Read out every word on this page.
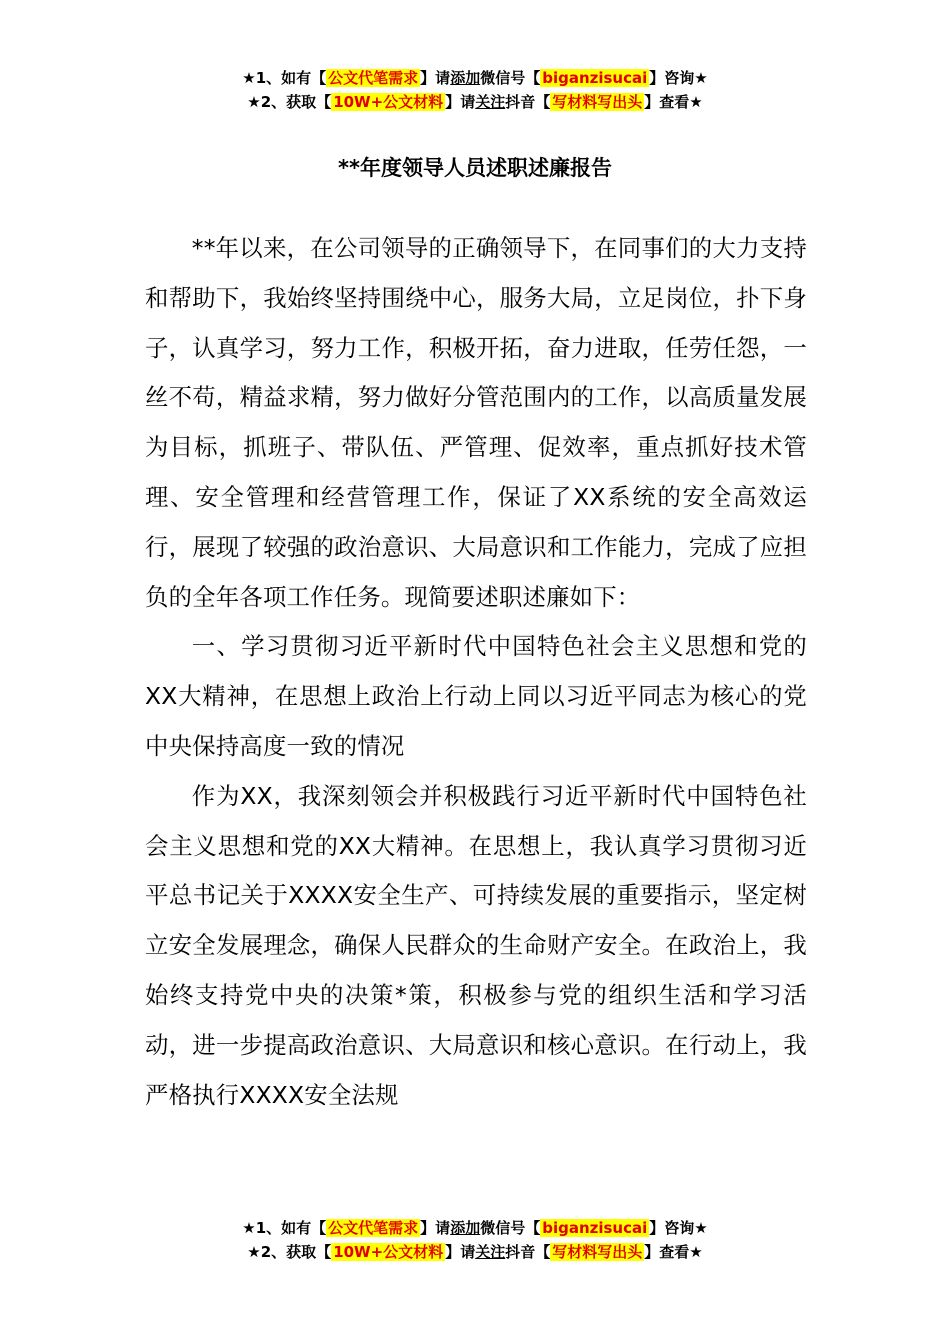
★1、如有【 公文代笔需求 】请添加微信号【 biganzisucai 】咨询★
★2、获取【 10W+公文材料 】请关注抖音【 写材料写出头 】查看★
**年度领导人员述职述廉报告

**年以来，在公司领导的正确领导下，在同事们的大力支持和帮助下，我始终坚持围绕中心，服务大局，立足岗位，扑下身子，认真学习，努力工作，积极开拓，奋力进取，任劳任怨，一丝不苟，精益求精，努力做好分管范围内的工作，以高质量发展为目标，抓班子、带队伍、严管理、促效率，重点抓好技术管理、安全管理和经营管理工作，保证了XX系统的安全高效运行，展现了较强的政治意识、大局意识和工作能力，完成了应担负的全年各项工作任务。现简要述职述廉如下：

一、学习贯彻习近平新时代中国特色社会主义思想和党的XX大精神，在思想上政治上行动上同以习近平同志为核心的党中央保持高度一致的情况

作为XX，我深刻领会并积极践行习近平新时代中国特色社会主义思想和党的XX大精神。在思想上，我认真学习贯彻习近平总书记关于XXXX安全生产、可持续发展的重要指示，坚定树立安全发展理念，确保人民群众的生命财产安全。在政治上，我始终支持党中央的决策*策，积极参与党的组织生活和学习活动，进一步提高政治意识、大局意识和核心意识。在行动上，我严格执行XXXX安全法规

★1、如有【 公文代笔需求 】请添加微信号【 biganzisucai 】咨询★
★2、获取【 10W+公文材料 】请关注抖音【 写材料写出头 】查看★
